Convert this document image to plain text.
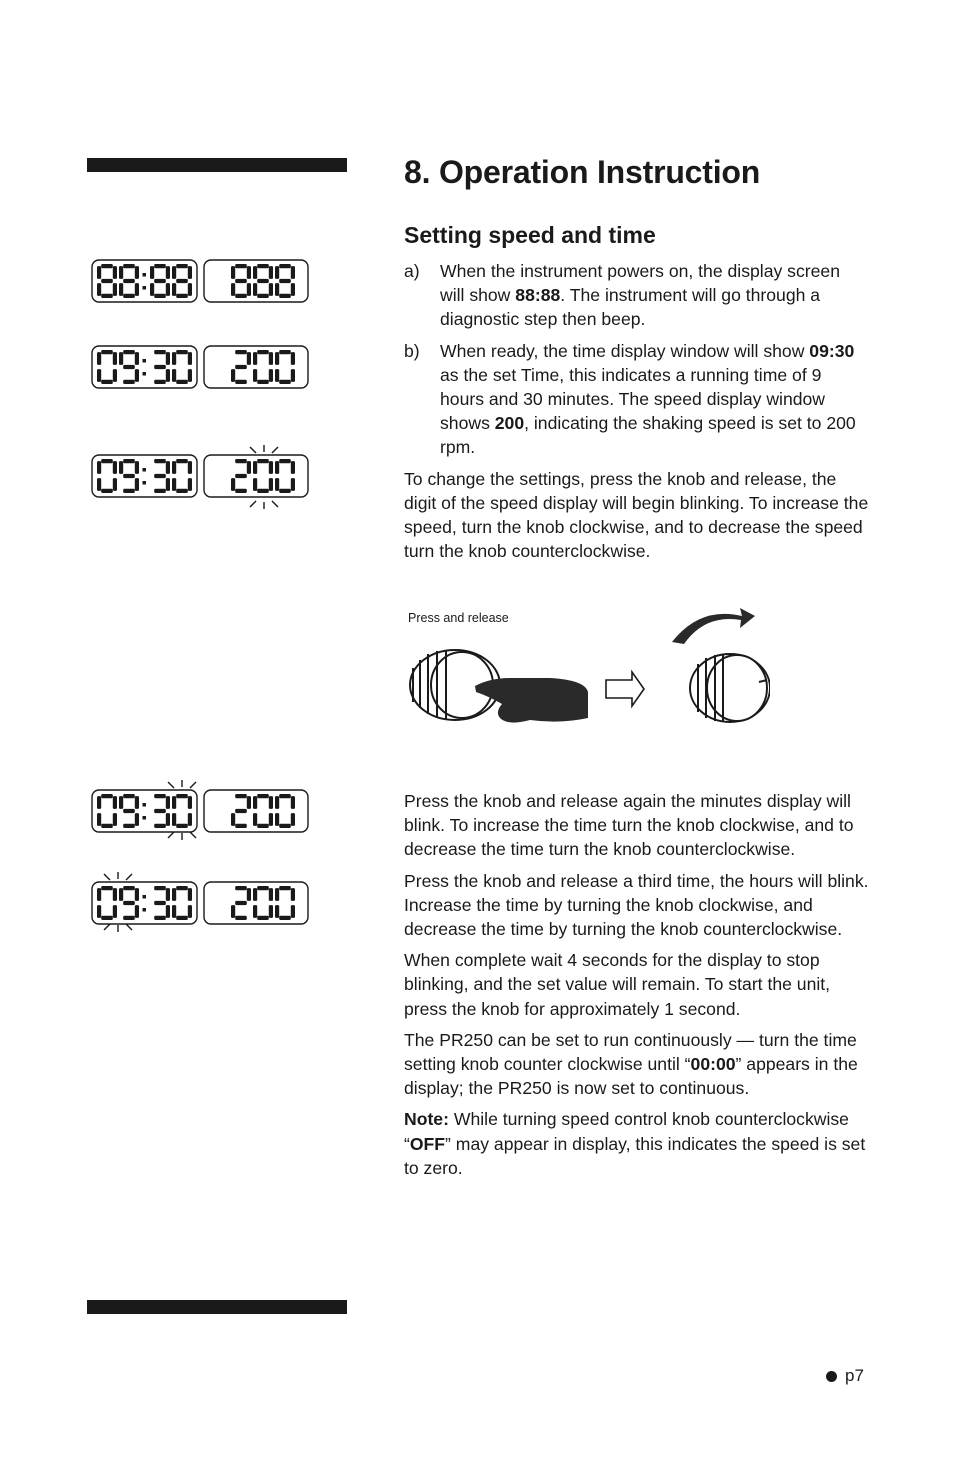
8. Operation Instruction
Setting speed and time
a) When the instrument powers on, the display screen will show 88:88. The instrument will go through a diagnostic step then beep.
b) When ready, the time display window will show 09:30 as the set Time, this indicates a running time of 9 hours and 30 minutes. The speed display window shows 200, indicating the shaking speed is set to 200 rpm.

To change the settings, press the knob and release, the digit of the speed display will begin blinking. To increase the speed, turn the knob clockwise, and to decrease the speed turn the knob counterclockwise.

Press and release

Press the knob and release again the minutes display will blink. To increase the time turn the knob clockwise, and to decrease the time turn the knob counterclockwise.

Press the knob and release a third time, the hours will blink. Increase the time by turning the knob clockwise, and decrease the time by turning the knob counterclockwise.

When complete wait 4 seconds for the display to stop blinking, and the set value will remain. To start the unit, press the knob for approximately 1 second.

The PR250 can be set to run continuously — turn the time setting knob counter clockwise until “00:00” appears in the display; the PR250 is now set to continuous.

Note: While turning speed control knob counterclockwise “OFF” may appear in display, this indicates the speed is set to zero.

p7
